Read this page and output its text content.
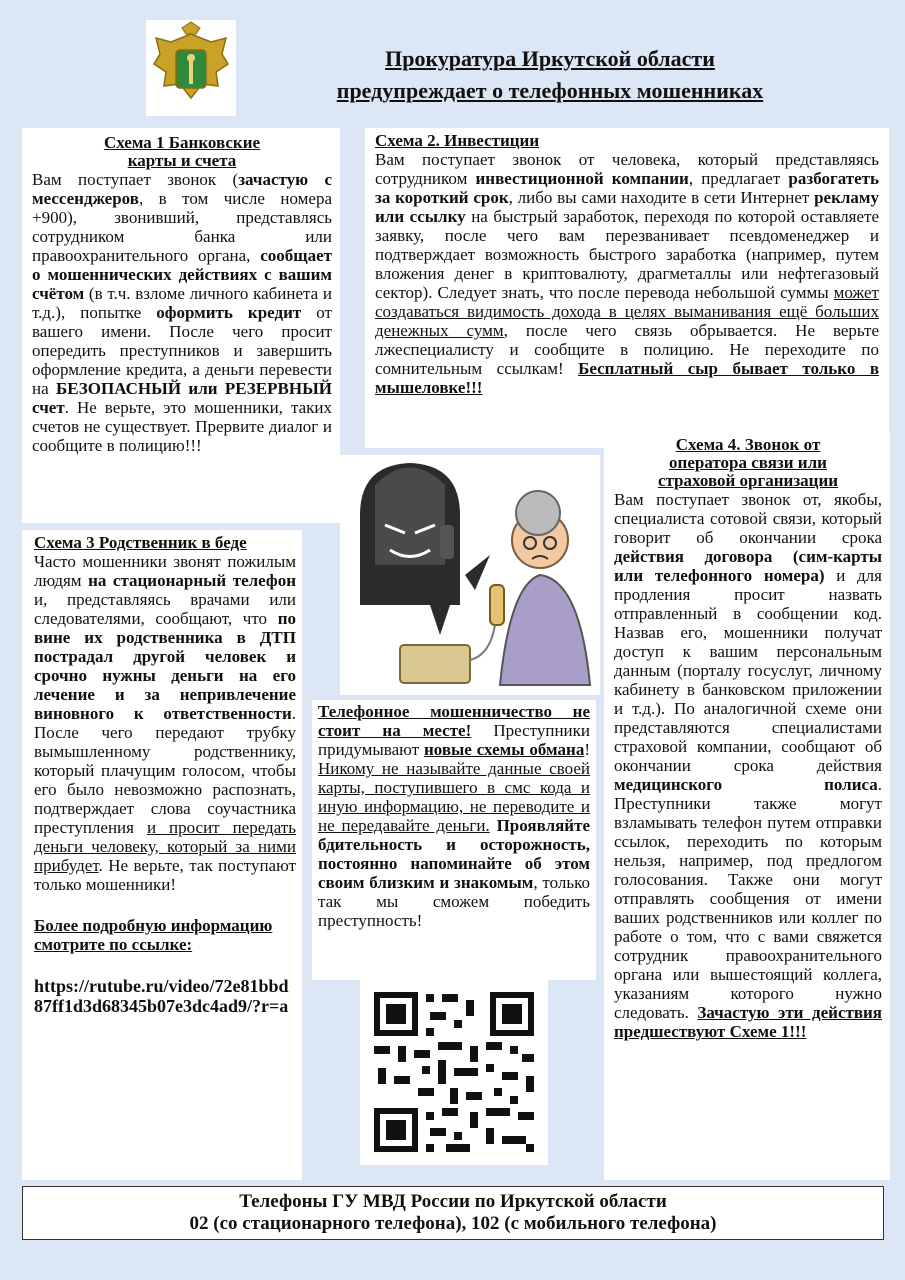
Прокуратура Иркутской области
предупреждает о телефонных мошенниках
Схема 1 Банковские
карты и счета

Вам поступает звонок (зачастую с мессенджеров, в том числе номера +900), звонивший, представлясь сотрудником банка или правоохранительного органа, сообщает о мошеннических действиях с вашим счётом (в т.ч. взломе личного кабинета и т.д.), попытке оформить кредит от вашего имени. После чего просит опередить преступников и завершить оформление кредита, а деньги перевести на БЕЗОПАСНЫЙ или РЕЗЕРВНЫЙ счет. Не верьте, это мошенники, таких счетов не существует. Прервите диалог и сообщите в полицию!!!

Схема 2. Инвестиции

Вам поступает звонок от человека, который представляясь сотрудником инвестиционной компании, предлагает разбогатеть за короткий срок, либо вы сами находите в сети Интернет рекламу или ссылку на быстрый заработок, переходя по которой оставляете заявку, после чего вам перезванивает псевдоменеджер и подтверждает возможность быстрого заработка (например, путем вложения денег в криптовалюту, драгметаллы или нефтегазовый сектор). Следует знать, что после перевода небольшой суммы может создаваться видимость дохода в целях выманивания ещё больших денежных сумм, после чего связь обрывается. Не верьте лжеспециалисту и сообщите в полицию. Не переходите по сомнительным ссылкам! Бесплатный сыр бывает только в мышеловке!!!

Схема 3 Родственник в беде

Часто мошенники звонят пожилым людям на стационарный телефон и, представляясь врачами или следователями, сообщают, что по вине их родственника в ДТП пострадал другой человек и срочно нужны деньги на его лечение и за непривлечение виновного к ответственности. После чего передают трубку вымышленному родственнику, который плачущим голосом, чтобы его было невозможно распознать, подтверждает слова соучастника преступления и просит передать деньги человеку, который за ними прибудет. Не верьте, так поступают только мошенники!

Более подробную информацию смотрите по ссылке:

https://rutube.ru/video/72e81bbd87ff1d3d68345b07e3dc4ad9/?r=a

Телефонное мошенничество не стоит на месте! Преступники придумывают новые схемы обмана! Никому не называйте данные своей карты, поступившего в смс кода и иную информацию, не переводите и не передавайте деньги. Проявляйте бдительность и осторожность, постоянно напоминайте об этом своим близким и знакомым, только так мы сможем победить преступность!

Схема 4. Звонок от
оператора связи или
страховой организации

Вам поступает звонок от, якобы, специалиста сотовой связи, который говорит об окончании срока действия договора (сим-карты или телефонного номера) и для продления просит назвать отправленный в сообщении код. Назвав его, мошенники получат доступ к вашим персональным данным (порталу госуслуг, личному кабинету в банковском приложении и т.д.). По аналогичной схеме они представляются специалистами страховой компании, сообщают об окончании срока действия медицинского полиса. Преступники также могут взламывать телефон путем отправки ссылок, переходить по которым нельзя, например, под предлогом голосования. Также они могут отправлять сообщения от имени ваших родственников или коллег по работе о том, что с вами свяжется сотрудник правоохранительного органа или вышестоящий коллега, указаниям которого нужно следовать. Зачастую эти действия предшествуют Схеме 1!!!

Телефоны ГУ МВД России по Иркутской области
02 (со стационарного телефона), 102 (с мобильного телефона)
